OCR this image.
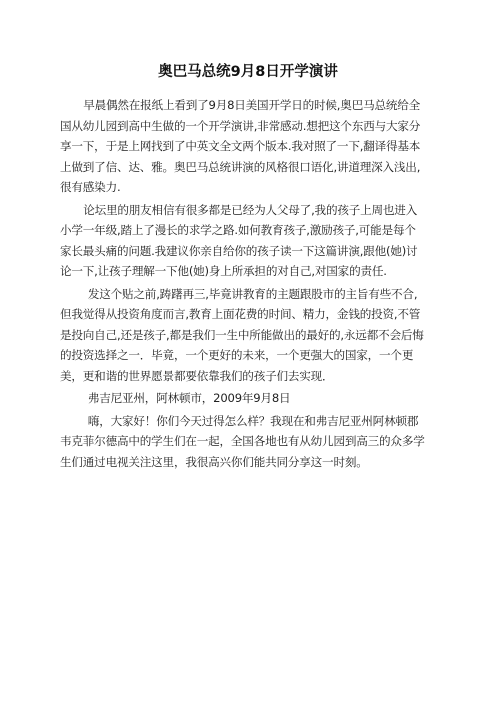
奥巴马总统9月8日开学演讲

早晨偶然在报纸上看到了9月8日美国开学日的时候,奥巴马总统给全国从幼儿园到高中生做的一个开学演讲,非常感动.想把这个东西与大家分享一下，于是上网找到了中英文全文两个版本.我对照了一下,翻译得基本上做到了信、达、雅。奥巴马总统讲演的风格很口语化,讲道理深入浅出,很有感染力.

论坛里的朋友相信有很多都是已经为人父母了,我的孩子上周也进入小学一年级,踏上了漫长的求学之路.如何教育孩子,激励孩子,可能是每个家长最头痛的问题.我建议你亲自给你的孩子读一下这篇讲演,跟他(她)讨论一下,让孩子理解一下他(她)身上所承担的对自己,对国家的责任.

发这个贴之前,踌躇再三,毕竟讲教育的主题跟股市的主旨有些不合,但我觉得从投资角度而言,教育上面花费的时间、精力，金钱的投资,不管是投向自己,还是孩子,都是我们一生中所能做出的最好的,永远都不会后悔的投资选择之一．毕竟，一个更好的未来，一个更强大的国家，一个更美，更和谐的世界愿景都要依靠我们的孩子们去实现．

弗吉尼亚州，阿林顿市，2009年9月8日

嗨，大家好！你们今天过得怎么样？我现在和弗吉尼亚州阿林顿郡韦克菲尔德高中的学生们在一起，全国各地也有从幼儿园到高三的众多学生们通过电视关注这里，我很高兴你们能共同分享这一时刻。
